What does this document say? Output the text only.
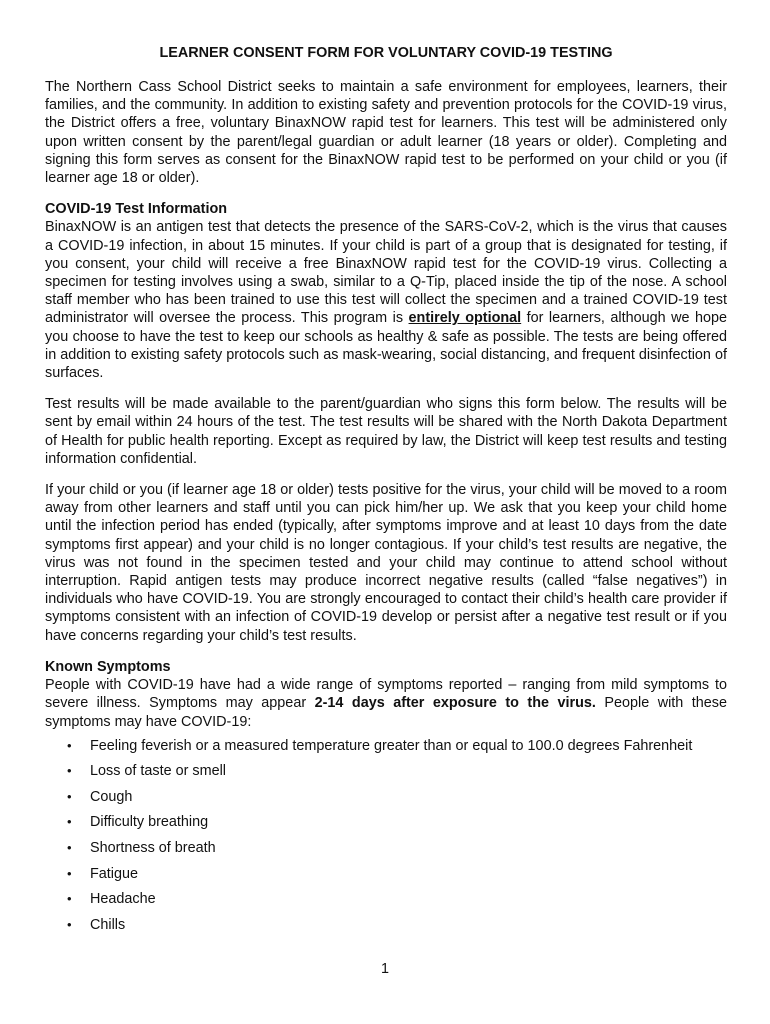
LEARNER CONSENT FORM FOR VOLUNTARY COVID-19 TESTING

The Northern Cass School District seeks to maintain a safe environment for employees, learners, their families, and the community. In addition to existing safety and prevention protocols for the COVID-19 virus, the District offers a free, voluntary BinaxNOW rapid test for learners. This test will be administered only upon written consent by the parent/legal guardian or adult learner (18 years or older). Completing and signing this form serves as consent for the BinaxNOW rapid test to be performed on your child or you (if learner age 18 or older).

COVID-19 Test Information
BinaxNOW is an antigen test that detects the presence of the SARS-CoV-2, which is the virus that causes a COVID-19 infection, in about 15 minutes. If your child is part of a group that is designated for testing, if you consent, your child will receive a free BinaxNOW rapid test for the COVID-19 virus. Collecting a specimen for testing involves using a swab, similar to a Q-Tip, placed inside the tip of the nose. A school staff member who has been trained to use this test will collect the specimen and a trained COVID-19 test administrator will oversee the process. This program is entirely optional for learners, although we hope you choose to have the test to keep our schools as healthy & safe as possible. The tests are being offered in addition to existing safety protocols such as mask-wearing, social distancing, and frequent disinfection of surfaces.

Test results will be made available to the parent/guardian who signs this form below. The results will be sent by email within 24 hours of the test. The test results will be shared with the North Dakota Department of Health for public health reporting. Except as required by law, the District will keep test results and testing information confidential.

If your child or you (if learner age 18 or older) tests positive for the virus, your child will be moved to a room away from other learners and staff until you can pick him/her up. We ask that you keep your child home until the infection period has ended (typically, after symptoms improve and at least 10 days from the date symptoms first appear) and your child is no longer contagious. If your child’s test results are negative, the virus was not found in the specimen tested and your child may continue to attend school without interruption. Rapid antigen tests may produce incorrect negative results (called “false negatives”) in individuals who have COVID-19. You are strongly encouraged to contact their child’s health care provider if symptoms consistent with an infection of COVID-19 develop or persist after a negative test result or if you have concerns regarding your child’s test results.

Known Symptoms
People with COVID-19 have had a wide range of symptoms reported – ranging from mild symptoms to severe illness. Symptoms may appear 2-14 days after exposure to the virus. People with these symptoms may have COVID-19:
• Feeling feverish or a measured temperature greater than or equal to 100.0 degrees Fahrenheit
• Loss of taste or smell
• Cough
• Difficulty breathing
• Shortness of breath
• Fatigue
• Headache
• Chills
1
